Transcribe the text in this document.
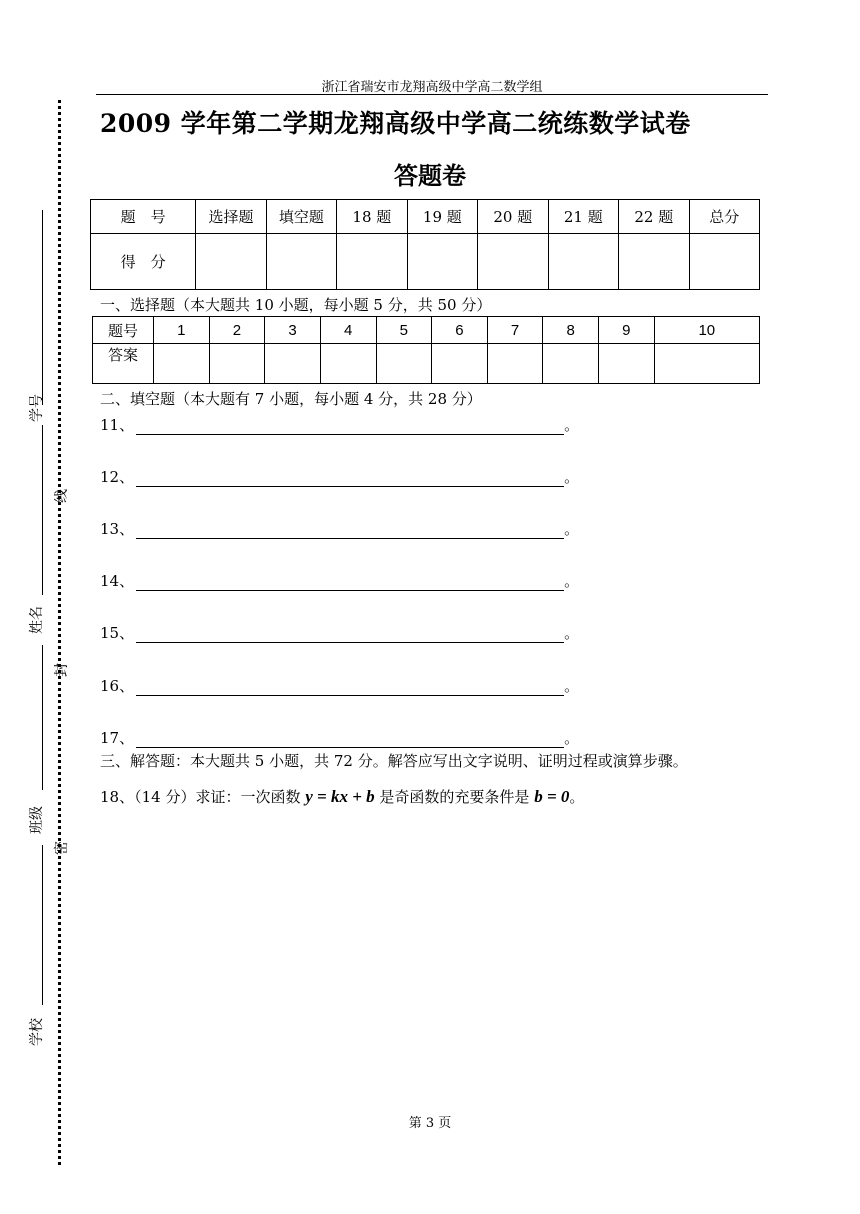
浙江省瑞安市龙翔高级中学高二数学组
学号
线
姓名
封
班级
密
学校
2009 学年第二学期龙翔高级中学高二统练数学试卷
答题卷
题　号	选择题	填空题	18 题	19 题	20 题	21 题	22 题	总分
得　分								
一、选择题（本大题共 10 小题，每小题 5 分，共 50 分）
题号	1	2	3	4	5	6	7	8	9	10
答案										
二、填空题（本大题有 7 小题，每小题 4 分，共 28 分）
11、	。
12、	。
13、	。
14、	。
15、	。
16、	。
17、	。
三、解答题：本大题共 5 小题，共 72 分。解答应写出文字说明、证明过程或演算步骤。
18、（14 分）求证：一次函数 y = kx + b 是奇函数的充要条件是 b = 0。
第 3 页
